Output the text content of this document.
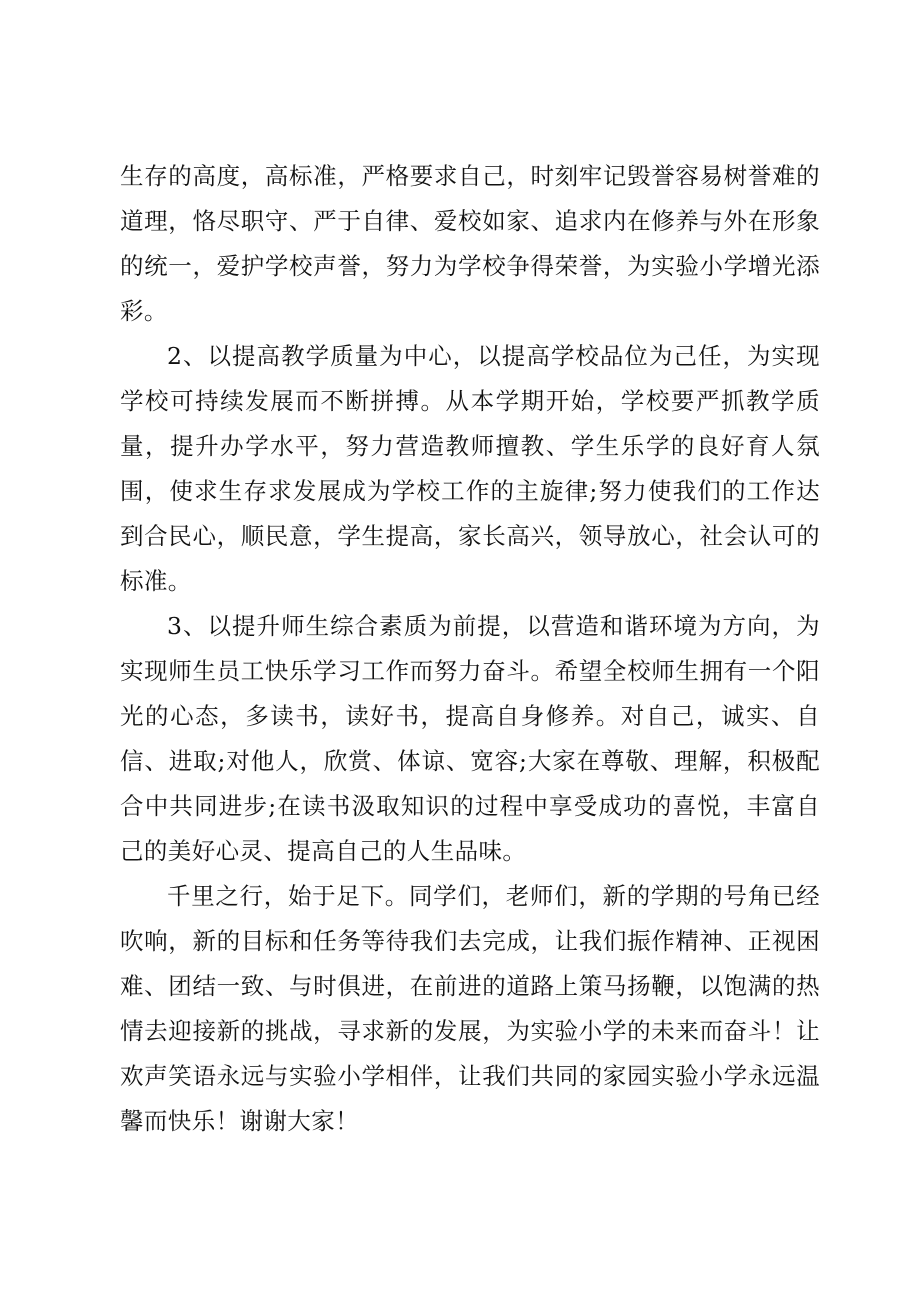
生存的高度，高标准，严格要求自己，时刻牢记毁誉容易树誉难的道理，恪尽职守、严于自律、爱校如家、追求内在修养与外在形象的统一，爱护学校声誉，努力为学校争得荣誉，为实验小学增光添彩。

2、以提高教学质量为中心，以提高学校品位为己任，为实现学校可持续发展而不断拼搏。从本学期开始，学校要严抓教学质量，提升办学水平，努力营造教师擅教、学生乐学的良好育人氛围，使求生存求发展成为学校工作的主旋律;努力使我们的工作达到合民心，顺民意，学生提高，家长高兴，领导放心，社会认可的标准。

3、以提升师生综合素质为前提，以营造和谐环境为方向，为实现师生员工快乐学习工作而努力奋斗。希望全校师生拥有一个阳光的心态，多读书，读好书，提高自身修养。对自己，诚实、自信、进取;对他人，欣赏、体谅、宽容;大家在尊敬、理解，积极配合中共同进步;在读书汲取知识的过程中享受成功的喜悦，丰富自己的美好心灵、提高自己的人生品味。

千里之行，始于足下。同学们，老师们，新的学期的号角已经吹响，新的目标和任务等待我们去完成，让我们振作精神、正视困难、团结一致、与时俱进，在前进的道路上策马扬鞭，以饱满的热情去迎接新的挑战，寻求新的发展，为实验小学的未来而奋斗！让欢声笑语永远与实验小学相伴，让我们共同的家园实验小学永远温馨而快乐！谢谢大家！
